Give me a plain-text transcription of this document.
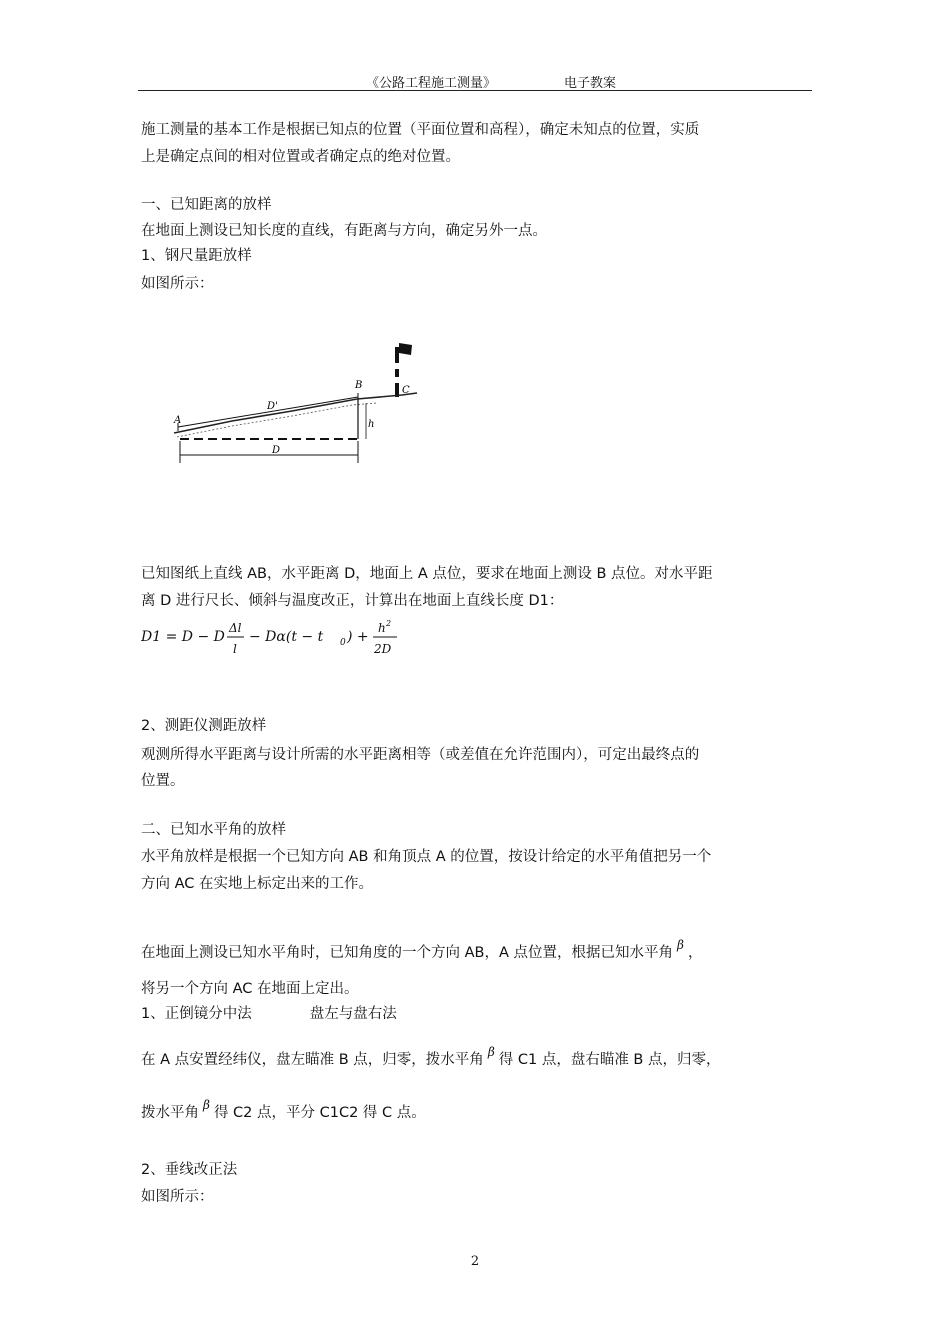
《公路工程施工测量》	电子教案
施工测量的基本工作是根据已知点的位置（平面位置和高程），确定未知点的位置，实质
上是确定点间的相对位置或者确定点的绝对位置。
一、已知距离的放样
在地面上测设已知长度的直线，有距离与方向，确定另外一点。
1、钢尺量距放样
如图所示：
A
B	C
D'
D
h
已知图纸上直线 AB，水平距离 D，地面上 A 点位，要求在地面上测设 B 点位。对水平距
离 D 进行尺长、倾斜与温度改正，计算出在地面上直线长度 D1：
D1 = D − D
Δl
l
− Dα(t − t 0 ) +
h 2
2D
2、测距仪测距放样
观测所得水平距离与设计所需的水平距离相等（或差值在允许范围内），可定出最终点的
位置。
二、已知水平角的放样
水平角放样是根据一个已知方向 AB 和角顶点 A 的位置，按设计给定的水平角值把另一个
方向 AC 在实地上标定出来的工作。
在地面上测设已知水平角时，已知角度的一个方向 AB，A 点位置，根据已知水平角 $^\beta$ ，
将另一个方向 AC 在地面上定出。
1、正倒镜分中法	盘左与盘右法
在 A 点安置经纬仪，盘左瞄准 B 点，归零，拨水平角 $^\beta$ 得 C1 点，盘右瞄准 B 点，归零，
拨水平角 $^\beta$ 得 C2 点，平分 C1C2 得 C 点。
2、垂线改正法
如图所示：
2
